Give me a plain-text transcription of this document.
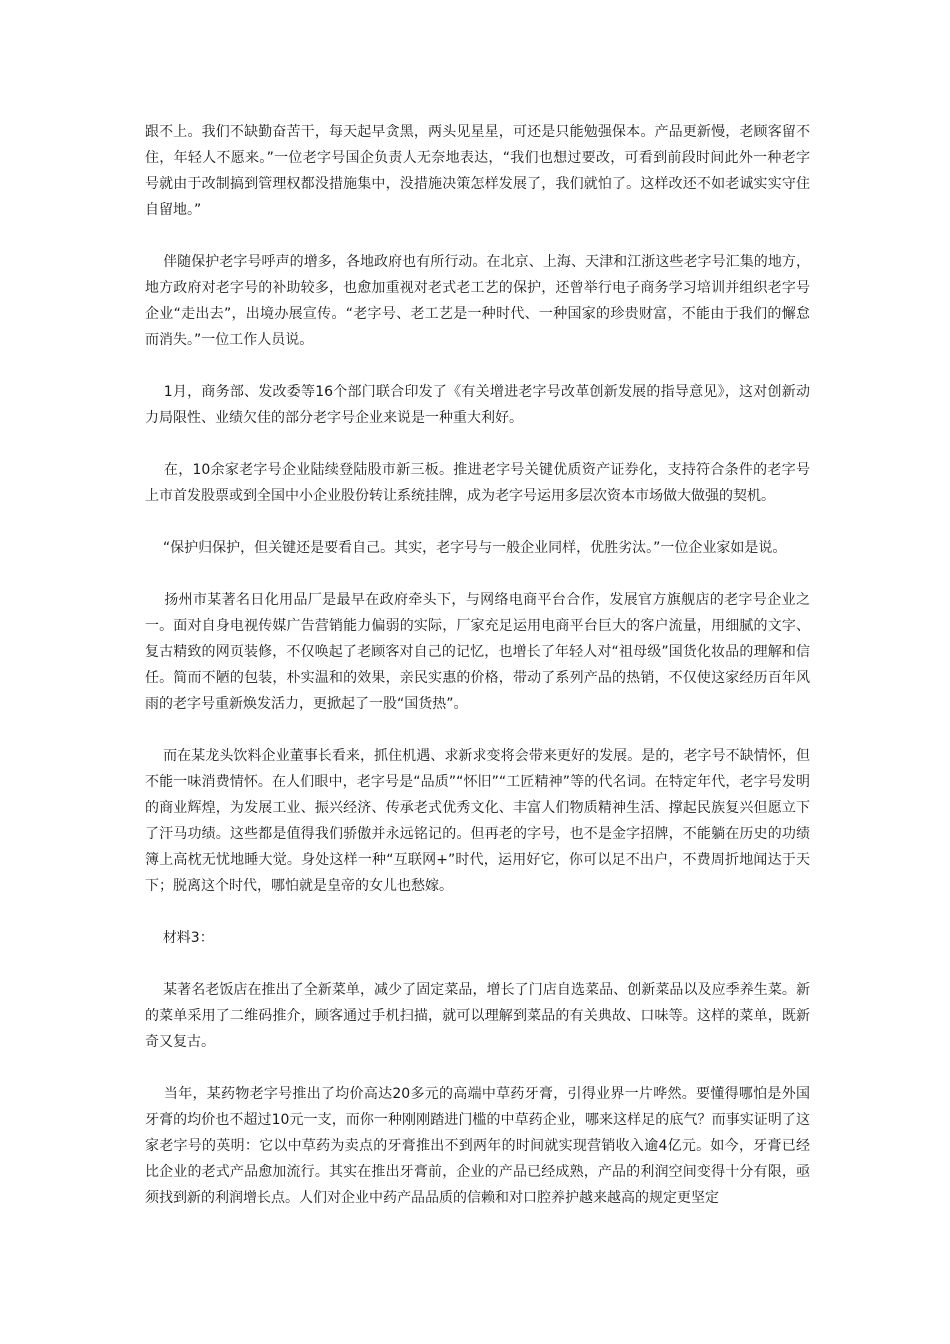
跟不上。我们不缺勤奋苦干，每天起早贪黑，两头见星星，可还是只能勉强保本。产品更新慢，老顾客留不住，年轻人不愿来。”一位老字号国企负责人无奈地表达，“我们也想过要改，可看到前段时间此外一种老字号就由于改制搞到管理权都没措施集中，没措施决策怎样发展了，我们就怕了。这样改还不如老诚实实守住自留地。”

伴随保护老字号呼声的增多，各地政府也有所行动。在北京、上海、天津和江浙这些老字号汇集的地方，地方政府对老字号的补助较多，也愈加重视对老式老工艺的保护，还曾举行电子商务学习培训并组织老字号企业“走出去”，出境办展宣传。“老字号、老工艺是一种时代、一种国家的珍贵财富，不能由于我们的懈怠而消失。”一位工作人员说。

1月，商务部、发改委等16个部门联合印发了《有关增进老字号改革创新发展的指导意见》，这对创新动力局限性、业绩欠佳的部分老字号企业来说是一种重大利好。

在，10余家老字号企业陆续登陆股市新三板。推进老字号关键优质资产证券化，支持符合条件的老字号上市首发股票或到全国中小企业股份转让系统挂牌，成为老字号运用多层次资本市场做大做强的契机。

“保护归保护，但关键还是要看自己。其实，老字号与一般企业同样，优胜劣汰。”一位企业家如是说。

扬州市某著名日化用品厂是最早在政府牵头下，与网络电商平台合作，发展官方旗舰店的老字号企业之一。面对自身电视传媒广告营销能力偏弱的实际，厂家充足运用电商平台巨大的客户流量，用细腻的文字、复古精致的网页装修，不仅唤起了老顾客对自己的记忆，也增长了年轻人对“祖母级”国货化妆品的理解和信任。简而不陋的包装，朴实温和的效果，亲民实惠的价格，带动了系列产品的热销，不仅使这家经历百年风雨的老字号重新焕发活力，更掀起了一股“国货热”。

而在某龙头饮料企业董事长看来，抓住机遇、求新求变将会带来更好的发展。是的，老字号不缺情怀，但不能一味消费情怀。在人们眼中，老字号是“品质”“怀旧”“工匠精神”等的代名词。在特定年代，老字号发明的商业辉煌，为发展工业、振兴经济、传承老式优秀文化、丰富人们物质精神生活、撑起民族复兴但愿立下了汗马功绩。这些都是值得我们骄傲并永远铭记的。但再老的字号，也不是金字招牌，不能躺在历史的功绩簿上高枕无忧地睡大觉。身处这样一种“互联网+”时代，运用好它，你可以足不出户，不费周折地闻达于天下；脱离这个时代，哪怕就是皇帝的女儿也愁嫁。

材料3：

某著名老饭店在推出了全新菜单，减少了固定菜品，增长了门店自选菜品、创新菜品以及应季养生菜。新的菜单采用了二维码推介，顾客通过手机扫描，就可以理解到菜品的有关典故、口味等。这样的菜单，既新奇又复古。

当年，某药物老字号推出了均价高达20多元的高端中草药牙膏，引得业界一片哗然。要懂得哪怕是外国牙膏的均价也不超过10元一支，而你一种刚刚踏进门槛的中草药企业，哪来这样足的底气？而事实证明了这家老字号的英明：它以中草药为卖点的牙膏推出不到两年的时间就实现营销收入逾4亿元。如今，牙膏已经比企业的老式产品愈加流行。其实在推出牙膏前，企业的产品已经成熟，产品的利润空间变得十分有限，亟须找到新的利润增长点。人们对企业中药产品品质的信赖和对口腔养护越来越高的规定更坚定
